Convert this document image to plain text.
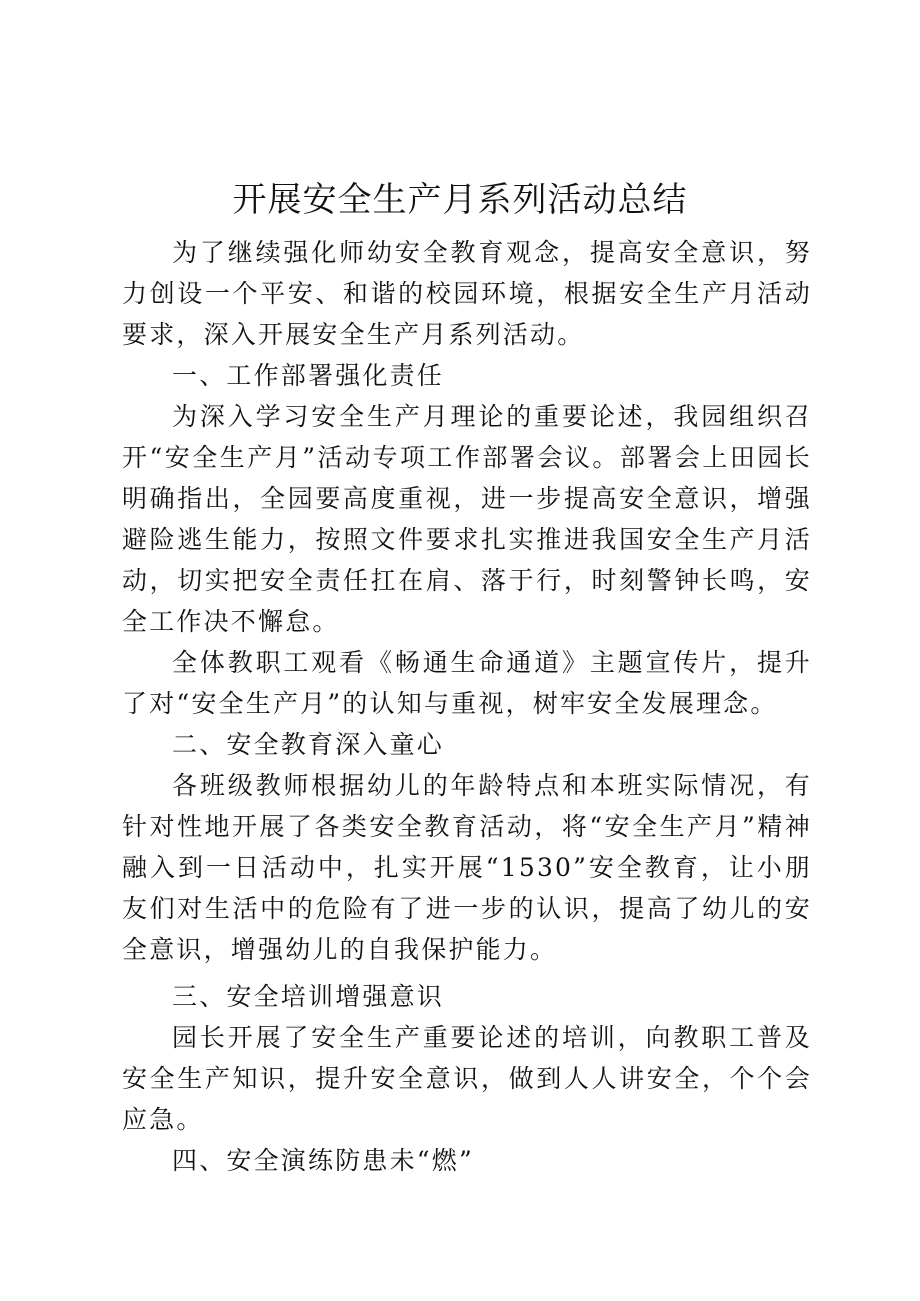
开展安全生产月系列活动总结

为了继续强化师幼安全教育观念，提高安全意识，努力创设一个平安、和谐的校园环境，根据安全生产月活动要求，深入开展安全生产月系列活动。

一、工作部署强化责任

为深入学习安全生产月理论的重要论述，我园组织召开“安全生产月”活动专项工作部署会议。部署会上田园长明确指出，全园要高度重视，进一步提高安全意识，增强避险逃生能力，按照文件要求扎实推进我国安全生产月活动，切实把安全责任扛在肩、落于行，时刻警钟长鸣，安全工作决不懈怠。

全体教职工观看《畅通生命通道》主题宣传片，提升了对“安全生产月”的认知与重视，树牢安全发展理念。

二、安全教育深入童心

各班级教师根据幼儿的年龄特点和本班实际情况，有针对性地开展了各类安全教育活动，将“安全生产月”精神融入到一日活动中，扎实开展“1530”安全教育，让小朋友们对生活中的危险有了进一步的认识，提高了幼儿的安全意识，增强幼儿的自我保护能力。

三、安全培训增强意识

园长开展了安全生产重要论述的培训，向教职工普及安全生产知识，提升安全意识，做到人人讲安全，个个会应急。

四、安全演练防患未“燃”
